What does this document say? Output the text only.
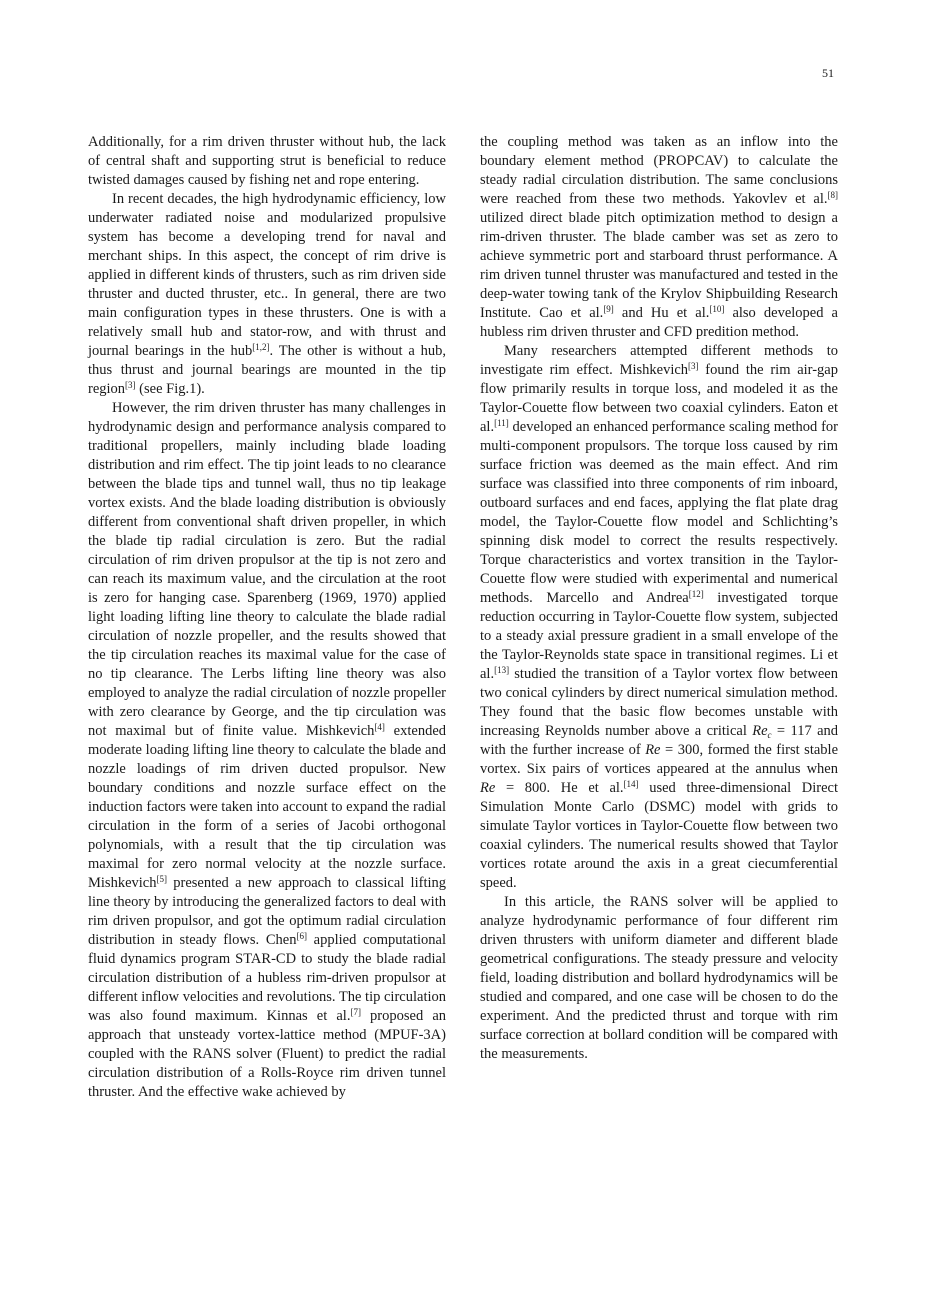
51

Additionally, for a rim driven thruster without hub, the lack of central shaft and supporting strut is beneficial to reduce twisted damages caused by fishing net and rope entering.

In recent decades, the high hydrodynamic efficiency, low underwater radiated noise and modularized propulsive system has become a developing trend for naval and merchant ships. In this aspect, the concept of rim drive is applied in different kinds of thrusters, such as rim driven side thruster and ducted thruster, etc.. In general, there are two main configuration types in these thrusters. One is with a relatively small hub and stator-row, and with thrust and journal bearings in the hub[1,2]. The other is without a hub, thus thrust and journal bearings are mounted in the tip region[3] (see Fig.1).

However, the rim driven thruster has many challenges in hydrodynamic design and performance analysis compared to traditional propellers, mainly including blade loading distribution and rim effect. The tip joint leads to no clearance between the blade tips and tunnel wall, thus no tip leakage vortex exists. And the blade loading distribution is obviously different from conventional shaft driven propeller, in which the blade tip radial circulation is zero. But the radial circulation of rim driven propulsor at the tip is not zero and can reach its maximum value, and the circulation at the root is zero for hanging case. Sparenberg (1969, 1970) applied light loading lifting line theory to calculate the blade radial circulation of nozzle propeller, and the results showed that the tip circulation reaches its maximal value for the case of no tip clearance. The Lerbs lifting line theory was also employed to analyze the radial circulation of nozzle propeller with zero clearance by George, and the tip circulation was not maximal but of finite value. Mishkevich[4] extended moderate loading lifting line theory to calculate the blade and nozzle loadings of rim driven ducted propulsor. New boundary conditions and nozzle surface effect on the induction factors were taken into account to expand the radial circulation in the form of a series of Jacobi orthogonal polynomials, with a result that the tip circulation was maximal for zero normal velocity at the nozzle surface. Mishkevich[5] presented a new approach to classical lifting line theory by introducing the generalized factors to deal with rim driven propulsor, and got the optimum radial circulation distribution in steady flows. Chen[6] applied computational fluid dynamics program STAR-CD to study the blade radial circulation distribution of a hubless rim-driven propulsor at different inflow velocities and revolutions. The tip circulation was also found maximum. Kinnas et al.[7] proposed an approach that unsteady vortex-lattice method (MPUF-3A) coupled with the RANS solver (Fluent) to predict the radial circulation distribution of a Rolls-Royce rim driven tunnel thruster. And the effective wake achieved by

the coupling method was taken as an inflow into the boundary element method (PROPCAV) to calculate the steady radial circulation distribution. The same conclusions were reached from these two methods. Yakovlev et al.[8] utilized direct blade pitch optimization method to design a rim-driven thruster. The blade camber was set as zero to achieve symmetric port and starboard thrust performance. A rim driven tunnel thruster was manufactured and tested in the deep-water towing tank of the Krylov Shipbuilding Research Institute. Cao et al.[9] and Hu et al.[10] also developed a hubless rim driven thruster and CFD predition method.

Many researchers attempted different methods to investigate rim effect. Mishkevich[3] found the rim air-gap flow primarily results in torque loss, and modeled it as the Taylor-Couette flow between two coaxial cylinders. Eaton et al.[11] developed an enhanced performance scaling method for multi-component propulsors. The torque loss caused by rim surface friction was deemed as the main effect. And rim surface was classified into three components of rim inboard, outboard surfaces and end faces, applying the flat plate drag model, the Taylor-Couette flow model and Schlichting’s spinning disk model to correct the results respectively. Torque characteristics and vortex transition in the Taylor-Couette flow were studied with experimental and numerical methods. Marcello and Andrea[12] investigated torque reduction occurring in Taylor-Couette flow system, subjected to a steady axial pressure gradient in a small envelope of the the Taylor-Reynolds state space in transitional regimes. Li et al.[13] studied the transition of a Taylor vortex flow between two conical cylinders by direct numerical simulation method. They found that the basic flow becomes unstable with increasing Reynolds number above a critical $Re_c = 117$ and with the further increase of Re = 300, formed the first stable vortex. Six pairs of vortices appeared at the annulus when Re = 800. He et al.[14] used three-dimensional Direct Simulation Monte Carlo (DSMC) model with grids to simulate Taylor vortices in Taylor-Couette flow between two coaxial cylinders. The numerical results showed that Taylor vortices rotate around the axis in a great ciecumferential speed.

In this article, the RANS solver will be applied to analyze hydrodynamic performance of four different rim driven thrusters with uniform diameter and different blade geometrical configurations. The steady pressure and velocity field, loading distribution and bollard hydrodynamics will be studied and compared, and one case will be chosen to do the experiment. And the predicted thrust and torque with rim surface correction at bollard condition will be compared with the measurements.
